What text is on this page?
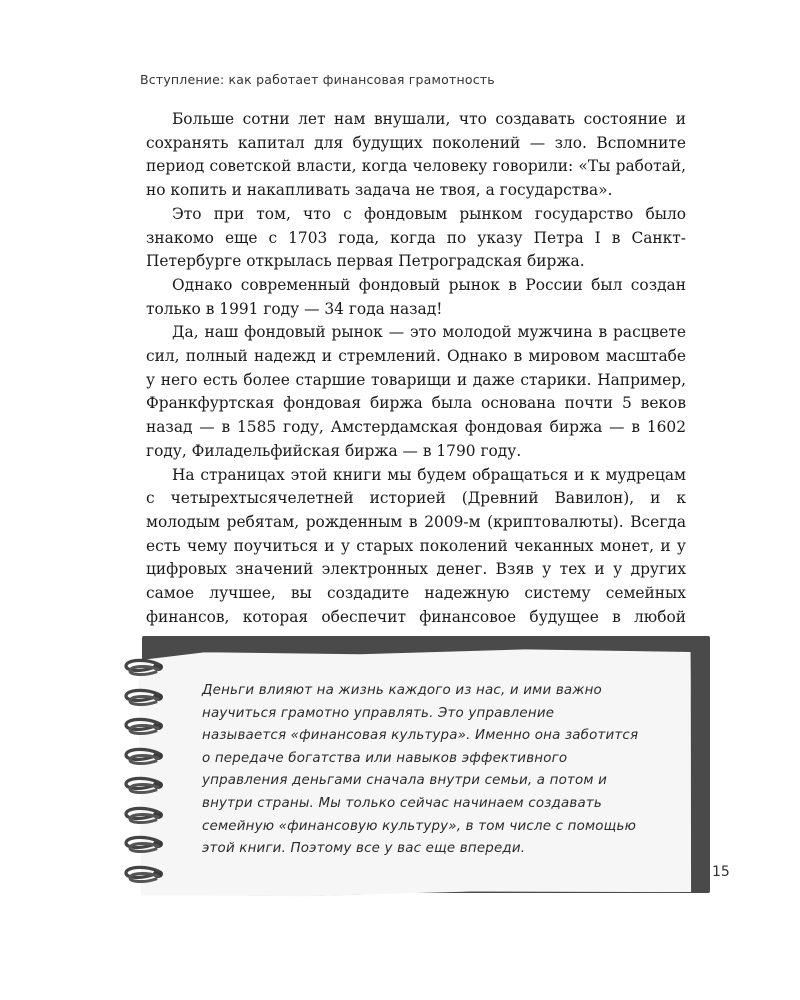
Вступление: как работает финансовая грамотность

Больше сотни лет нам внушали, что создавать состояние и сохранять капитал для будущих поколений — зло. Вспомните период советской власти, когда человеку говорили: «Ты работай, но копить и накапливать задача не твоя, а государства».

Это при том, что с фондовым рынком государство было знакомо еще с 1703 года, когда по указу Петра I в Санкт-Петербурге открылась первая Петроградская биржа.

Однако современный фондовый рынок в России был создан только в 1991 году — 34 года назад!

Да, наш фондовый рынок — это молодой мужчина в расцвете сил, полный надежд и стремлений. Однако в мировом масштабе у него есть более старшие товарищи и даже старики. Например, Франкфуртская фондовая биржа была основана почти 5 веков назад — в 1585 году, Амстердамская фондовая биржа — в 1602 году, Филадельфийская биржа — в 1790 году.

На страницах этой книги мы будем обращаться и к мудрецам с четырехтысячелетней историей (Древний Вавилон), и к молодым ребятам, рожденным в 2009-м (криптовалюты). Всегда есть чему поучиться и у старых поколений чеканных монет, и у цифровых значений электронных денег. Взяв у тех и у других самое лучшее, вы создадите надежную систему семейных финансов, которая обеспечит финансовое будущее в любой

Деньги влияют на жизнь каждого из нас, и ими важно научиться грамотно управлять. Это управление называется «финансовая культура». Именно она заботится о передаче богатства или навыков эффективного управления деньгами сначала внутри семьи, а потом и внутри страны. Мы только сейчас начинаем создавать семейную «финансовую культуру», в том числе с помощью этой книги. Поэтому все у вас еще впереди.
15
